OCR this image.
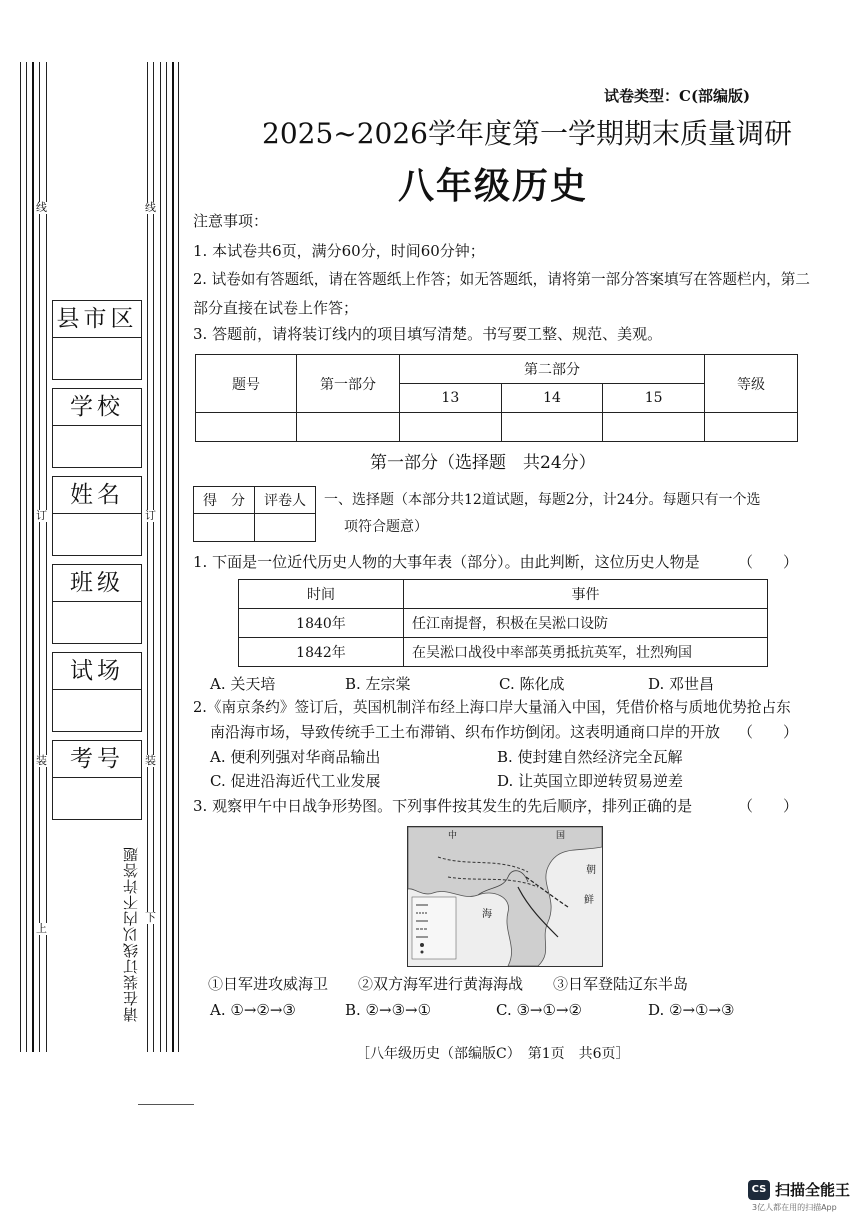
线	线
订	订
装	装
上
下
请在装订线以内不许答题
县市区
学校
姓名
班级
试场
考号
试卷类型：C(部编版)
2025~2026学年度第一学期期末质量调研
八年级历史
注意事项：
1. 本试卷共6页，满分60分，时间60分钟；
2. 试卷如有答题纸，请在答题纸上作答；如无答题纸，请将第一部分答案填写在答题栏内，第二
部分直接在试卷上作答；
3. 答题前，请将装订线内的项目填写清楚。书写要工整、规范、美观。
题号	第一部分	第二部分			等级
		13	14	15	

第一部分（选择题　共24分）
得　分	评卷人
	一、选择题（本部分共12道试题，每题2分，计24分。每题只有一个选
项符合题意）
1. 下面是一位近代历史人物的大事年表（部分）。由此判断，这位历史人物是	（　　）
时间	事件
1840年	任江南提督，积极在吴淞口设防
1842年	在吴淞口战役中率部英勇抵抗英军，壮烈殉国
A. 关天培	B. 左宗棠	C. 陈化成	D. 邓世昌
2.《南京条约》签订后，英国机制洋布经上海口岸大量涌入中国，凭借价格与质地优势抢占东
南沿海市场，导致传统手工土布滞销、织布作坊倒闭。这表明通商口岸的开放 （　　）
A. 便利列强对华商品输出	B. 使封建自然经济完全瓦解
C. 促进沿海近代工业发展	D. 让英国立即逆转贸易逆差
3. 观察甲午中日战争形势图。下列事件按其发生的先后顺序，排列正确的是	（　　）
中	国
海
朝
鲜
①日军进攻威海卫　　②双方海军进行黄海海战　　③日军登陆辽东半岛
A. ①→②→③	B. ②→③→①	C. ③→①→②	D. ②→①→③
［八年级历史（部编版C）　第1页　共6页］
CS 扫描全能王
3亿人都在用的扫描App
